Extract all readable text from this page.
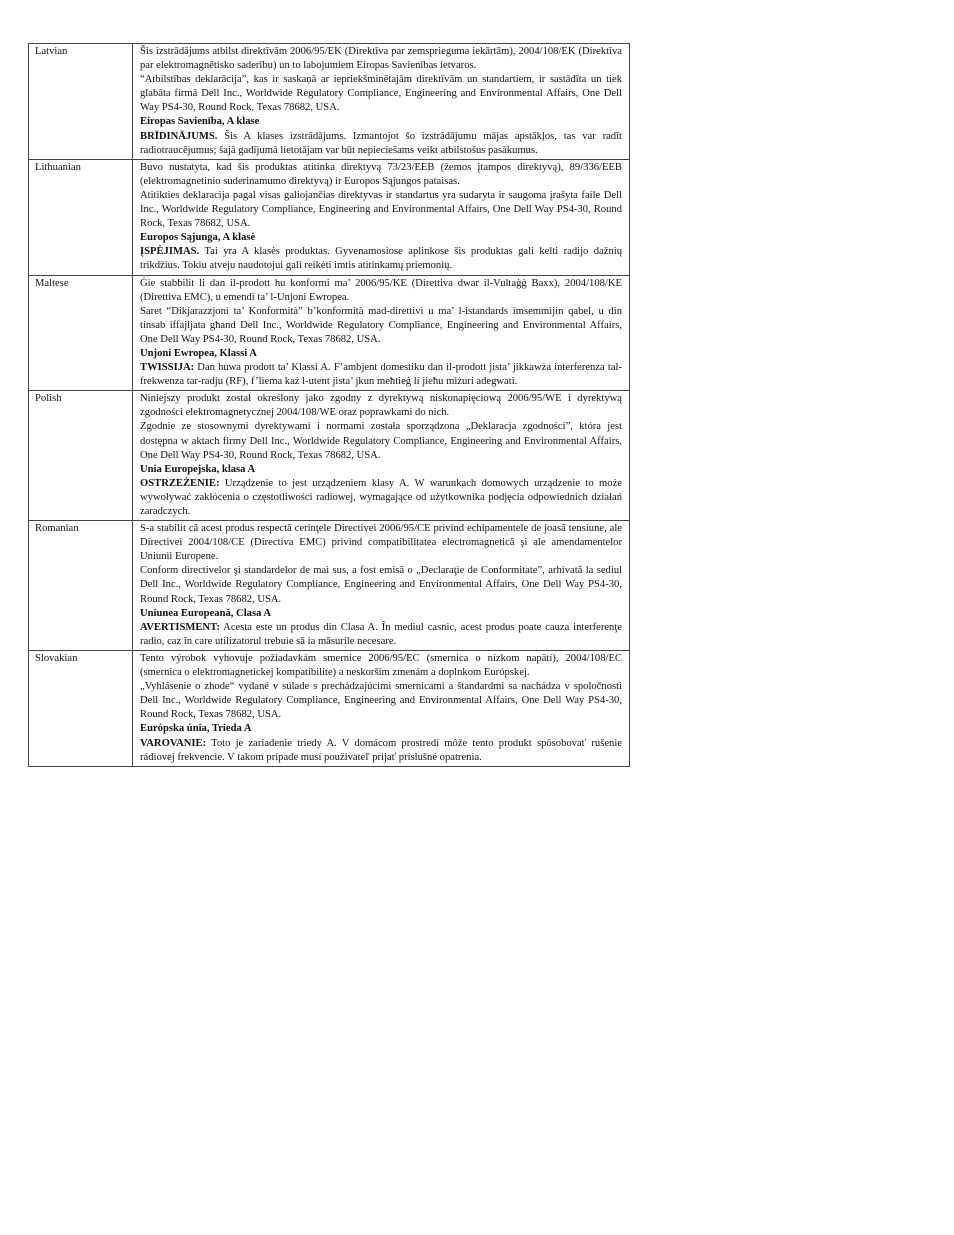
Latvian	Šis izstrādājums atbilst direktīvām 2006/95/EK (Direktīva par zemsprieguma iekārtām), 2004/108/EK (Direktīva par elektromagnētisko saderību) un to labojumiem Eiropas Savienības ietvaros.

“Atbilstības deklarācija”, kas ir saskaņā ar iepriekšminētajām direktīvām un standartiem, ir sastādīta un tiek glabāta firmā Dell Inc., Worldwide Regulatory Compliance, Engineering and Environmental Affairs, One Dell Way PS4-30, Round Rock, Texas 78682, USA.

Eiropas Savienība, A klase

BRĪDINĀJUMS. Šis A klases izstrādājums. Izmantojot šo izstrādājumu mājas apstākļos, tas var radīt radiotraucējumus; šajā gadījumā lietotājam var būt nepieciešams veikt atbilstošus pasākumus.

Lithuanian	Buvo nustatyta, kad šis produktas atitinka direktyvą 73/23/EEB (žemos įtampos direktyvą), 89/336/EEB (elektromagnetinio suderinamumo direktyvą) ir Europos Sąjungos pataisas.

Atitikties deklaracija pagal visas galiojančias direktyvas ir standartus yra sudaryta ir saugoma įrašyta faile Dell Inc., Worldwide Regulatory Compliance, Engineering and Environmental Affairs, One Dell Way PS4-30, Round Rock, Texas 78682, USA.

Europos Sąjunga, A klasė

ĮSPĖJIMAS. Tai yra A klasės produktas. Gyvenamosiose aplinkose šis produktas gali kelti radijo dažnių trikdžius. Tokiu atveju naudotojui gali reikėti imtis atitinkamų priemonių.

Maltese	Ġie stabbilit li dan il-prodott hu konformi ma’ 2006/95/KE (Direttiva dwar il-Vultaġġ Baxx), 2004/108/KE (Direttiva EMC), u emendi ta’ l-Unjoni Ewropea.

Saret “Dikjarazzjoni ta’ Konformità” b’konformità mad-direttivi u ma’ l-istandards imsemmijin qabel, u din tinsab iffajljata għand Dell Inc., Worldwide Regulatory Compliance, Engineering and Environmental Affairs, One Dell Way PS4-30, Round Rock, Texas 78682, USA.

Unjoni Ewropea, Klassi A

TWISSIJA: Dan huwa prodott ta’ Klassi A. F’ambjent domestiku dan il-prodott jista’ jikkawża interferenza tal-frekwenza tar-radju (RF), f’liema każ l-utent jista’ jkun meħtieġ li jieħu miżuri adegwati.

Polish	Niniejszy produkt został określony jako zgodny z dyrektywą niskonapięciową 2006/95/WE i dyrektywą zgodności elektromagnetycznej 2004/108/WE oraz poprawkami do nich.

Zgodnie ze stosownymi dyrektywami i normami została sporządzona „Deklaracja zgodności”, która jest dostępna w aktach firmy Dell Inc., Worldwide Regulatory Compliance, Engineering and Environmental Affairs, One Dell Way PS4-30, Round Rock, Texas 78682, USA.

Unia Europejska, klasa A

OSTRZEŻENIE: Urządzenie to jest urządzeniem klasy A. W warunkach domowych urządzenie to może wywoływać zakłócenia o częstotliwości radiowej, wymagające od użytkownika podjęcia odpowiednich działań zaradczych.

Romanian	S-a stabilit că acest produs respectă cerinţele Directivei 2006/95/CE privind echipamentele de joasă tensiune, ale Directivei 2004/108/CE (Directiva EMC) privind compatibilitatea electromagnetică şi ale amendamentelor Uniunii Europene.

Conform directivelor şi standardelor de mai sus, a fost emisă o „Declaraţie de Conformitate”, arhivată la sediul Dell Inc., Worldwide Regulatory Compliance, Engineering and Environmental Affairs, One Dell Way PS4-30, Round Rock, Texas 78682, USA.

Uniunea Europeană, Clasa A

AVERTISMENT: Acesta este un produs din Clasa A. În mediul casnic, acest produs poate cauza interferenţe radio, caz în care utilizatorul trebuie să ia măsurile necesare.

Slovakian	Tento výrobok vyhovuje požiadavkám smernice 2006/95/EC (smernica o nízkom napätí), 2004/108/EC (smernica o elektromagnetickej kompatibilite) a neskorším zmenám a doplnkom Európskej.

„Vyhlásenie o zhode“ vydané v súlade s prechádzajúcimi smernicami a štandardmi sa nachádza v spoločnosti Dell Inc., Worldwide Regulatory Compliance, Engineering and Environmental Affairs, One Dell Way PS4-30, Round Rock, Texas 78682, USA.

Európska únia, Trieda A

VAROVANIE: Toto je zariadenie triedy A. V domácom prostredí môže tento produkt spôsobovať rušenie rádiovej frekvencie. V takom prípade musí používateľ prijať príslušné opatrenia.
